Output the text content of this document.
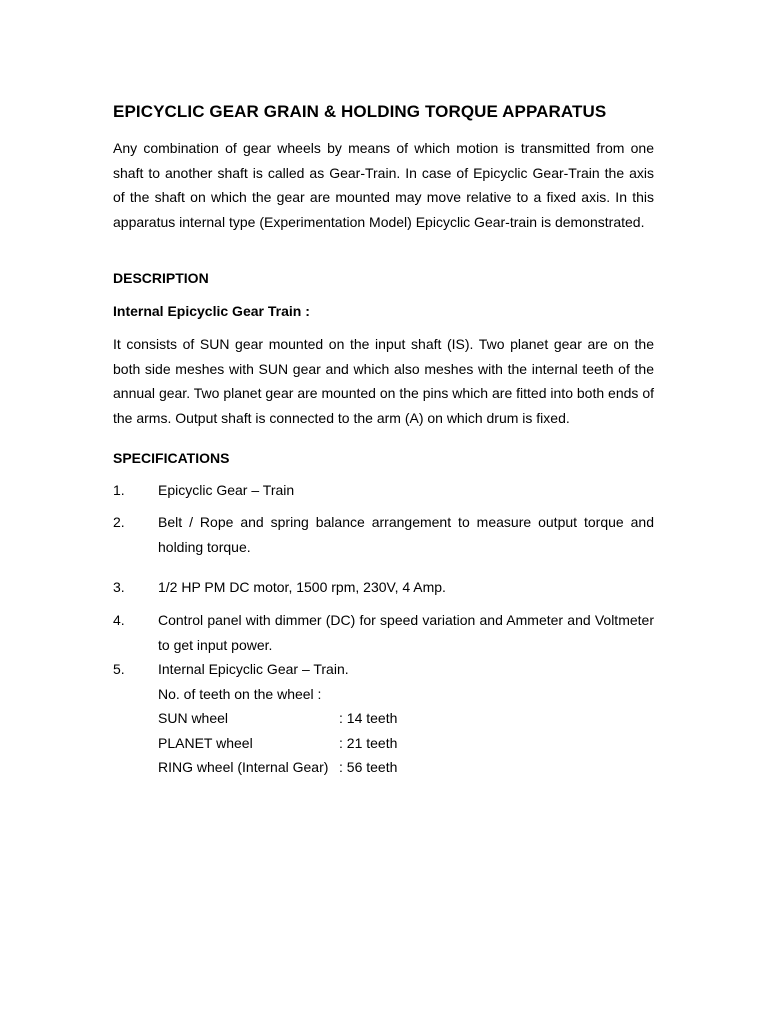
EPICYCLIC GEAR GRAIN & HOLDING TORQUE APPARATUS
Any combination of gear wheels by means of which motion is transmitted from one shaft to another shaft is called as Gear-Train. In case of Epicyclic Gear-Train the axis of the shaft on which the gear are mounted may move relative to a fixed axis. In this apparatus internal type (Experimentation Model) Epicyclic Gear-train is demonstrated.
DESCRIPTION
Internal Epicyclic Gear Train :
It consists of SUN gear mounted on the input shaft (IS). Two planet gear are on the both side meshes with SUN gear and which also meshes with the internal teeth of the annual gear. Two planet gear are mounted on the pins which are fitted into both ends of the arms. Output shaft is connected to the arm (A) on which drum is fixed.
SPECIFICATIONS
1. Epicyclic Gear – Train
2. Belt / Rope and spring balance arrangement to measure output torque and holding torque.
3. 1/2 HP PM DC motor, 1500 rpm, 230V, 4 Amp.
4. Control panel with dimmer (DC) for speed variation and Ammeter and Voltmeter to get input power.
5. Internal Epicyclic Gear – Train.
No. of teeth on the wheel :
SUN wheel	: 14 teeth
PLANET wheel	: 21 teeth
RING wheel (Internal Gear) : 56 teeth
